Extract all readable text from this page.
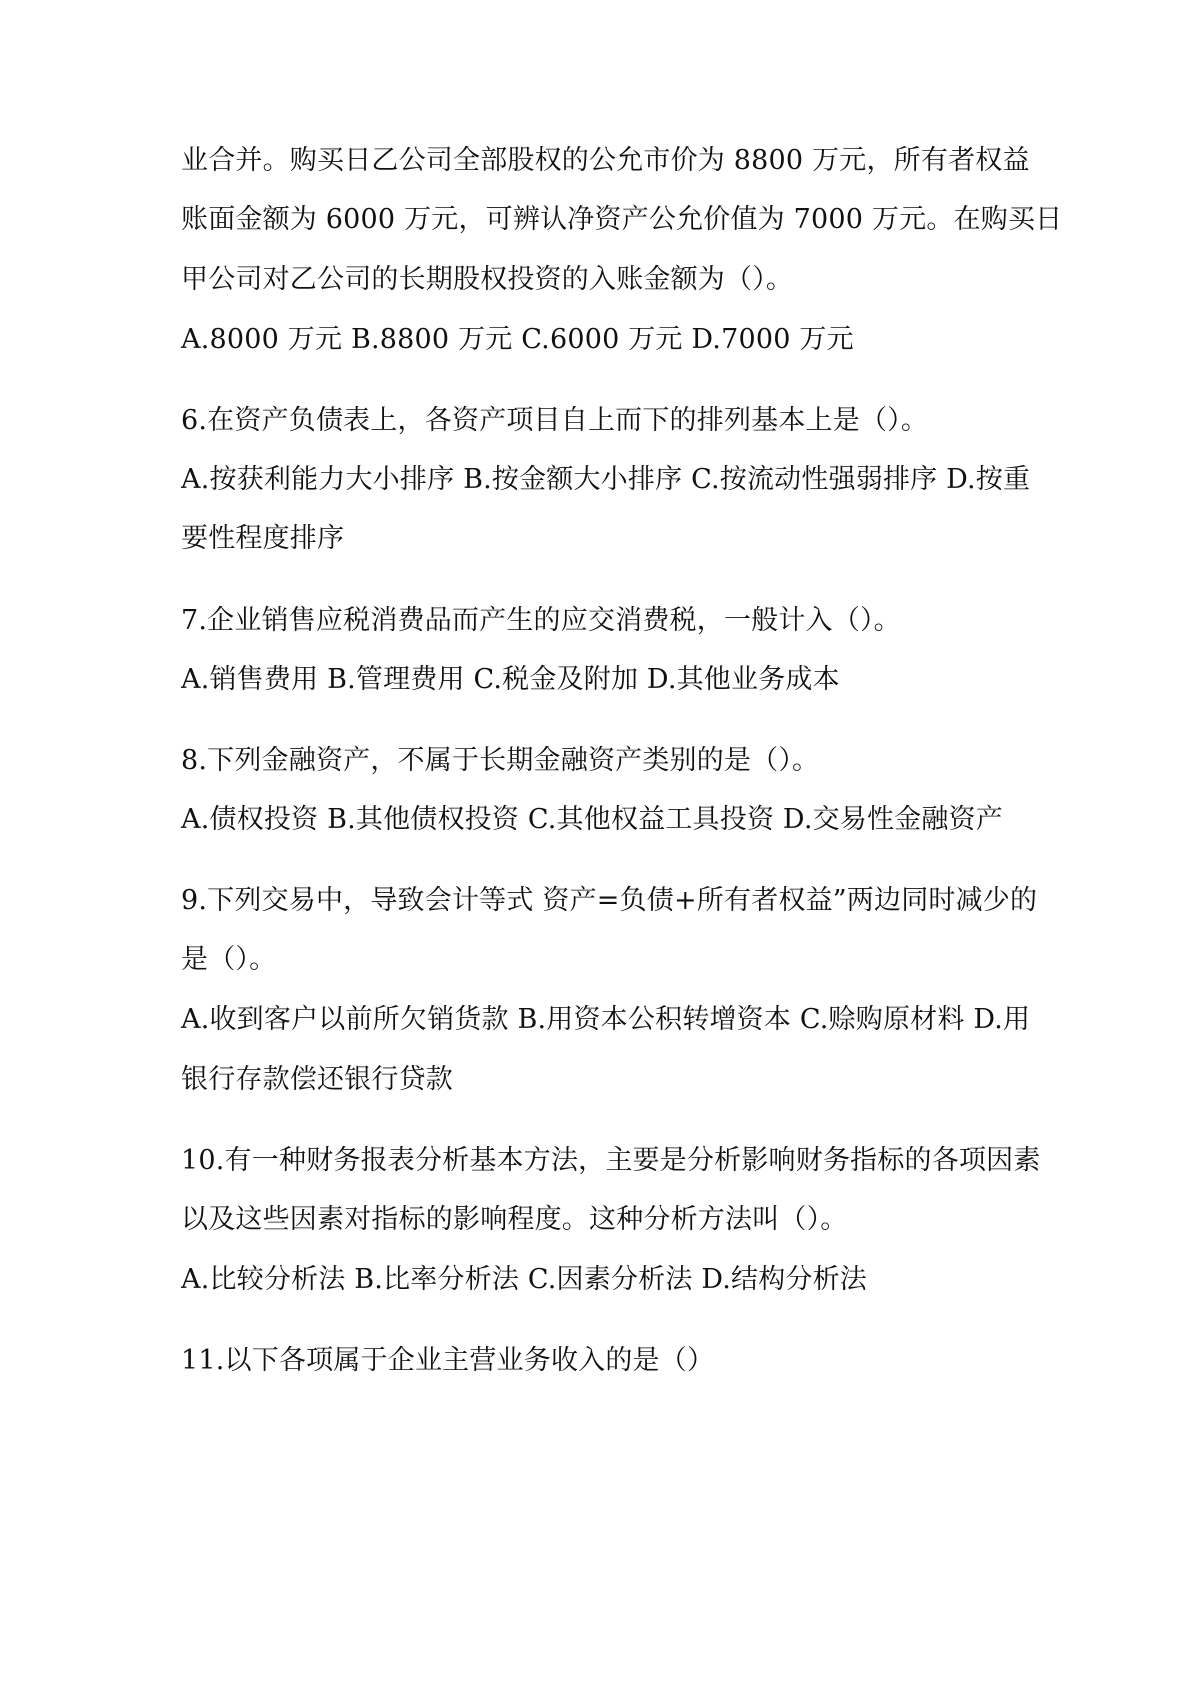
业合并。购买日乙公司全部股权的公允市价为 8800 万元，所有者权益
账面金额为 6000 万元，可辨认净资产公允价值为 7000 万元。在购买日
甲公司对乙公司的长期股权投资的入账金额为（）。
A.8000 万元 B.8800 万元 C.6000 万元 D.7000 万元
6.在资产负债表上，各资产项目自上而下的排列基本上是（）。
A.按获利能力大小排序 B.按金额大小排序 C.按流动性强弱排序 D.按重
要性程度排序
7.企业销售应税消费品而产生的应交消费税，一般计入（）。
A.销售费用 B.管理费用 C.税金及附加 D.其他业务成本
8.下列金融资产，不属于长期金融资产类别的是（）。
A.债权投资 B.其他债权投资 C.其他权益工具投资 D.交易性金融资产
9.下列交易中，导致会计等式 资产=负债+所有者权益”两边同时减少的
是（）。
A.收到客户以前所欠销货款 B.用资本公积转增资本 C.赊购原材料 D.用
银行存款偿还银行贷款
10.有一种财务报表分析基本方法，主要是分析影响财务指标的各项因素
以及这些因素对指标的影响程度。这种分析方法叫（）。
A.比较分析法 B.比率分析法 C.因素分析法 D.结构分析法
11.以下各项属于企业主营业务收入的是（）
